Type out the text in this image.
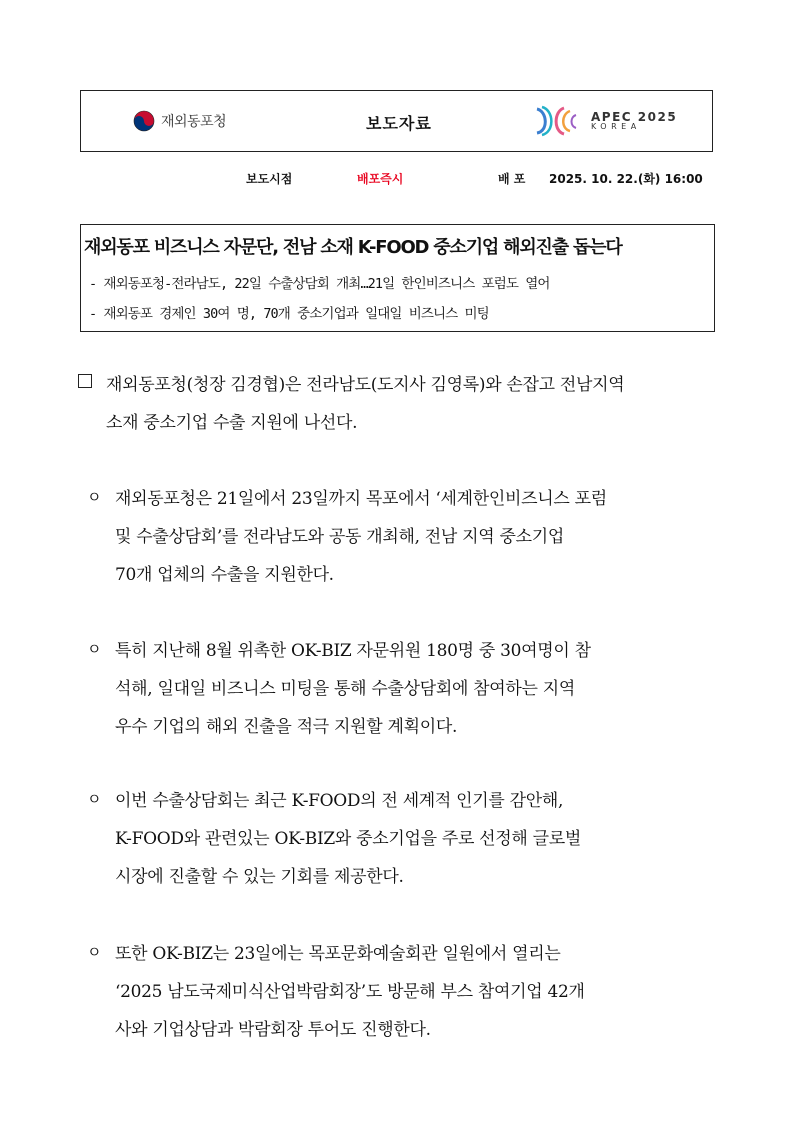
재외동포청	보도자료	APEC 2025
KOREA
보도시점	배포즉시	배 포 2025. 10. 22.(화) 16:00
재외동포 비즈니스 자문단, 전남 소재 K-FOOD 중소기업 해외진출 돕는다
- 재외동포청-전라남도, 22일 수출상담회 개최…21일 한인비즈니스 포럼도 열어
- 재외동포 경제인 30여 명, 70개 중소기업과 일대일 비즈니스 미팅
재외동포청(청장 김경협)은 전라남도(도지사 김영록)와 손잡고 전남지역
소재 중소기업 수출 지원에 나선다.
ㅇ 재외동포청은 21일에서 23일까지 목포에서 ‘세계한인비즈니스 포럼
및 수출상담회’를 전라남도와 공동 개최해, 전남 지역 중소기업
70개 업체의 수출을 지원한다.
ㅇ 특히 지난해 8월 위촉한 OK-BIZ 자문위원 180명 중 30여명이 참
석해, 일대일 비즈니스 미팅을 통해 수출상담회에 참여하는 지역
우수 기업의 해외 진출을 적극 지원할 계획이다.
ㅇ 이번 수출상담회는 최근 K-FOOD의 전 세계적 인기를 감안해,
K-FOOD와 관련있는 OK-BIZ와 중소기업을 주로 선정해 글로벌
시장에 진출할 수 있는 기회를 제공한다.
ㅇ 또한 OK-BIZ는 23일에는 목포문화예술회관 일원에서 열리는
‘2025 남도국제미식산업박람회장’도 방문해 부스 참여기업 42개
사와 기업상담과 박람회장 투어도 진행한다.
